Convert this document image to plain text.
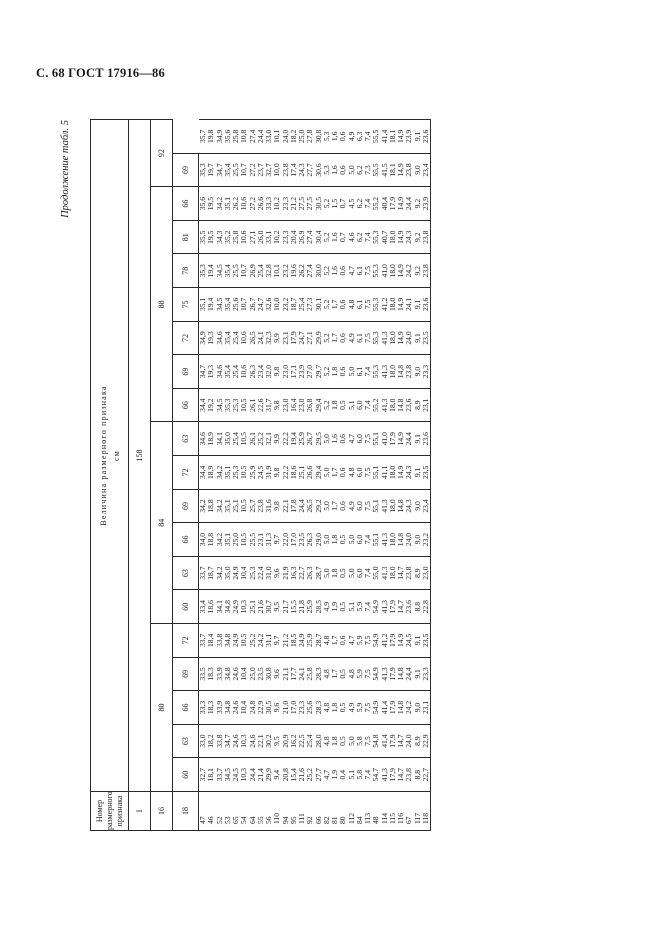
С. 68 ГОСТ 17916—86
Продолжение табл. 5
Номер размерного признака	Величина размерного признака см																			

I	158																			
16	80					84						88							92	
18	60	63	66	69	72	60	63	66	69	72	63	66	69	72	75	78	81	66	69	
47	32,7	33,0	33,3	33,5	33,7	33,4	33,7	34,0	34,2	34,4	34,6	34,4	34,7	34,9	35,1	35,3	35,5	35,6	35,3	35,7
46	18,1	18,2	18,3	18,3	18,4	18,6	18,7	18,8	18,8	18,9	18,9	19,2	19,3	19,3	19,4	19,4	19,5	19,5	19,7	19,8
52	33,7	33,8	33,9	33,9	33,8	34,1	34,2	34,2	34,2	34,2	34,1	34,5	34,6	34,6	34,5	34,5	34,3	34,2	34,7	34,9
53	34,5	34,7	34,8	34,8	34,8	34,8	35,0	35,1	35,1	35,1	35,0	35,3	35,4	35,4	35,4	35,4	35,2	35,1	35,4	35,6
65	24,5	24,6	24,6	24,6	24,9	24,9	24,9	25,0	25,1	25,3	25,4	25,3	25,4	25,4	25,6	25,5	25,8	26,2	25,5	25,8
54	10,3	10,3	10,4	10,4	10,5	10,3	10,4	10,5	10,5	10,5	10,5	10,5	10,6	10,6	10,7	10,7	10,6	10,6	10,7	10,8
64	24,4	24,6	24,8	25,0	25,2	25,1	25,3	25,5	25,7	25,9	26,1	26,1	26,3	26,5	26,7	26,9	27,1	27,2	27,2	27,4
55	21,4	22,1	22,9	23,5	24,2	21,6	22,4	23,1	23,8	24,5	25,2	22,6	23,4	24,1	24,7	25,4	26,0	26,6	23,7	24,4
56	29,9	30,2	30,5	30,8	31,1	30,7	31,0	31,3	31,6	31,9	32,1	31,7	32,0	32,3	32,6	32,8	33,1	33,3	32,7	33,0
110	9,4	9,5	9,6	9,6	9,7	9,5	9,6	9,7	9,8	9,8	9,9	9,8	9,8	9,9	10,0	10,1	10,2	10,2	10,0	10,1
94	20,8	20,9	21,0	21,1	21,2	21,7	21,9	22,0	22,1	22,2	22,2	23,0	23,0	23,1	23,2	23,2	23,3	23,3	23,8	24,0
95	15,4	16,2	17,0	17,7	18,5	15,5	16,3	17,0	17,8	18,6	19,4	16,4	17,1	17,9	18,7	19,6	20,4	21,2	17,4	18,2
111	21,6	22,5	23,3	24,1	24,9	21,8	22,7	23,5	24,4	25,1	25,9	23,0	23,9	24,7	25,4	26,2	26,9	27,5	24,3	25,0
92	25,2	25,4	25,6	25,8	25,9	25,9	26,3	26,3	26,5	26,6	26,7	26,8	27,0	27,1	27,3	27,4	27,4	27,5	27,7	27,8
66	27,7	28,0	28,3	28,3	28,7	28,5	28,7	29,0	29,2	29,4	29,5	29,4	29,7	29,9	30,1	30,0	30,4	30,5	30,6	30,8
82	4,7	4,8	4,8	4,8	4,8	4,9	5,0	5,0	5,0	5,0	5,0	5,2	5,2	5,2	5,2	5,2	5,2	5,2	5,3	5,3
81	1,9	1,8	1,8	1,7	1,7	1,9	1,8	1,8	1,7	1,7	1,6	1,8	1,8	1,7	1,7	1,6	1,6	1,5	1,6	1,6
80	0,4	0,5	0,5	0,5	0,6	0,5	0,5	0,5	0,6	0,6	0,6	0,5	0,6	0,6	0,6	0,6	0,7	0,7	0,6	0,6
112	5,1	5,0	4,9	4,8	4,7	5,1	5,0	5,0	4,9	4,8	4,7	5,1	5,0	4,9	4,8	4,7	4,6	4,5	5,0	4,9
84	5,8	5,8	5,9	5,9	5,9	5,9	6,0	6,0	6,0	6,0	6,0	6,0	6,1	6,1	6,1	6,1	6,2	6,2	6,2	6,3
113	7,4	7,5	7,5	7,5	7,5	7,4	7,4	7,4	7,5	7,5	7,5	7,4	7,4	7,5	7,5	7,5	7,4	7,4	7,3	7,4
48	54,7	54,8	54,9	54,9	54,9	54,9	55,0	55,1	55,1	55,1	55,1	55,2	55,3	55,3	55,3	55,3	55,3	55,2	55,5	55,5
114	41,3	41,4	41,4	41,3	41,2	41,3	41,3	41,3	41,3	41,1	41,0	41,3	41,3	41,3	41,2	41,0	40,7	40,4	41,5	41,4
115	17,9	17,9	17,9	17,9	17,9	17,9	18,0	18,0	18,0	18,0	17,9	18,0	18,0	18,0	18,0	18,0	18,0	17,9	18,1	18,1
116	14,7	14,7	14,8	14,8	14,9	14,7	14,7	14,8	14,8	14,9	14,9	14,8	14,8	14,9	14,9	14,9	14,9	14,9	14,9	14,9
67	23,8	24,0	24,2	24,4	24,5	23,6	23,8	24,0	24,3	24,3	24,4	23,6	23,8	24,0	24,1	24,2	24,3	24,4	23,8	23,9
117	8,8	8,9	9,0	9,1	9,1	8,8	8,9	9,0	9,0	9,1	9,1	8,9	9,0	9,1	9,1	9,2	9,2	9,2	9,0	9,1
118	22,7	22,9	23,1	23,3	23,5	22,8	23,0	23,2	23,4	23,5	23,6	23,1	23,3	23,5	23,6	23,8	23,8	23,9	23,4	23,6
